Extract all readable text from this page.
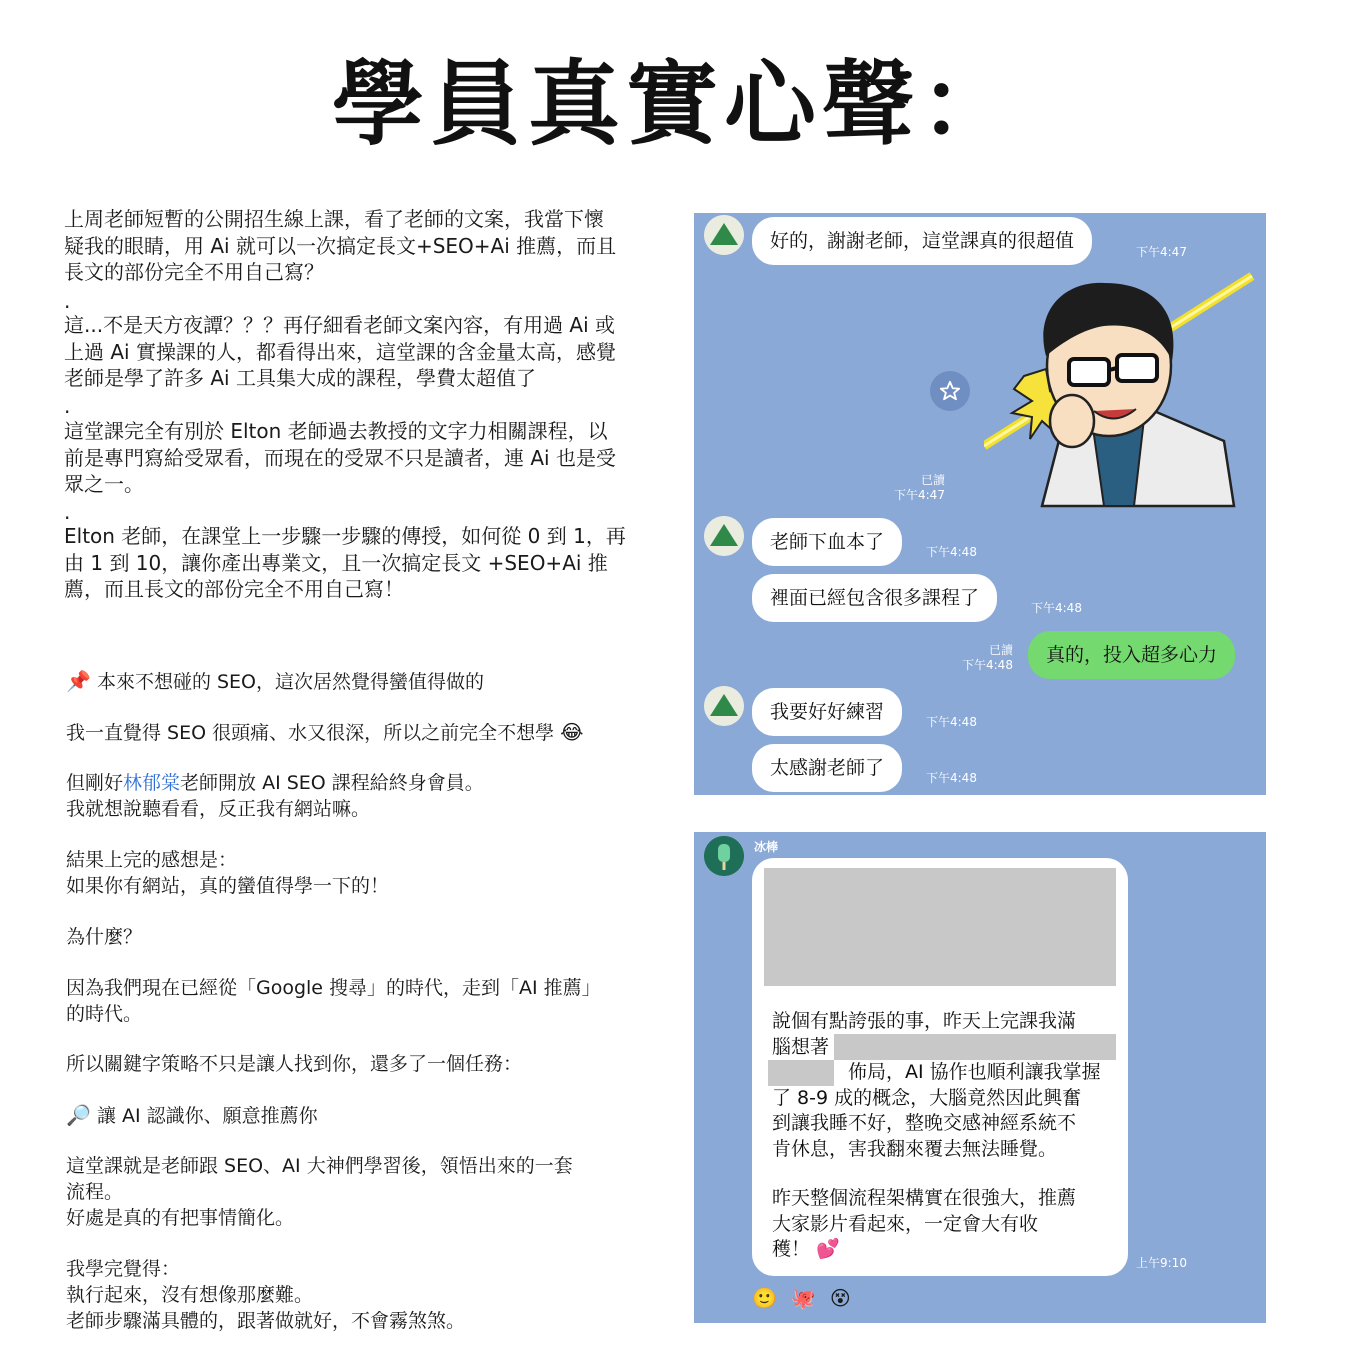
學員真實心聲：

上周老師短暫的公開招生線上課，看了老師的文案，我當下懷
疑我的眼睛，用 Ai 就可以一次搞定長文+SEO+Ai 推薦，而且
長文的部份完全不用自己寫？

.

這...不是天方夜譚？？？再仔細看老師文案內容，有用過 Ai 或
上過 Ai 實操課的人，都看得出來，這堂課的含金量太高，感覺
老師是學了許多 Ai 工具集大成的課程，學費太超值了

.

這堂課完全有別於 Elton 老師過去教授的文字力相關課程，以
前是專門寫給受眾看，而現在的受眾不只是讀者，連 Ai 也是受
眾之一。

.

Elton 老師，在課堂上一步驟一步驟的傳授，如何從 0 到 1，再
由 1 到 10，讓你產出專業文，且一次搞定長文 +SEO+Ai 推
薦，而且長文的部份完全不用自己寫！

📌 本來不想碰的 SEO，這次居然覺得蠻值得做的

我一直覺得 SEO 很頭痛、水又很深，所以之前完全不想學 😂

但剛好林郁棠老師開放 AI SEO 課程給終身會員。
我就想說聽看看，反正我有網站嘛。

結果上完的感想是：
如果你有網站，真的蠻值得學一下的！

為什麼？

因為我們現在已經從「Google 搜尋」的時代，走到「AI 推薦」
的時代。

所以關鍵字策略不只是讓人找到你，還多了一個任務：

🔎 讓 AI 認識你、願意推薦你

這堂課就是老師跟 SEO、AI 大神們學習後，領悟出來的一套
流程。
好處是真的有把事情簡化。

我學完覺得：
執行起來，沒有想像那麼難。
老師步驟滿具體的，跟著做就好，不會霧煞煞。

好的，謝謝老師，這堂課真的很超值	下午4:47
已讀
下午4:47
老師下血本了	下午4:48
裡面已經包含很多課程了	下午4:48
已讀
下午4:48	真的，投入超多心力
我要好好練習	下午4:48
太感謝老師了	下午4:48
冰棒

說個有點誇張的事，昨天上完課我滿
腦想著

　　　　佈局，AI 協作也順利讓我掌握
了 8-9 成的概念，大腦竟然因此興奮
到讓我睡不好，整晚交感神經系統不
肯休息，害我翻來覆去無法睡覺。

昨天整個流程架構實在很強大，推薦
大家影片看起來，一定會大有收
穫！ 💕

上午9:10
🙂 🐙 😵
